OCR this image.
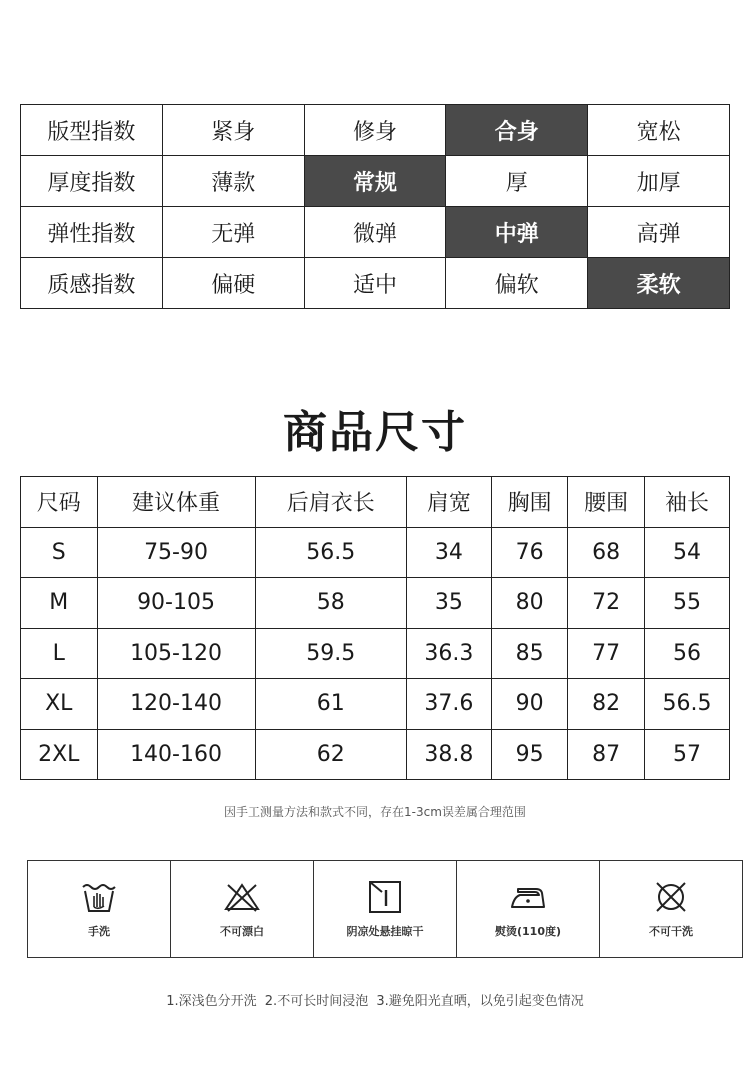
版型指数	紧身	修身	合身	宽松
厚度指数	薄款	常规	厚	加厚
弹性指数	无弹	微弹	中弹	高弹
质感指数	偏硬	适中	偏软	柔软
商品尺寸
尺码	建议体重	后肩衣长	肩宽	胸围	腰围	袖长
S	75-90	56.5	34	76	68	54
M	90-105	58	35	80	72	55
L	105-120	59.5	36.3	85	77	56
XL	120-140	61	37.6	90	82	56.5
2XL	140-160	62	38.8	95	87	57
因手工测量方法和款式不同，存在1-3cm误差属合理范围
手洗	不可漂白	阴凉处悬挂晾干	熨烫(110度)	不可干洗
1.深浅色分开洗 2.不可长时间浸泡 3.避免阳光直晒，以免引起变色情况
